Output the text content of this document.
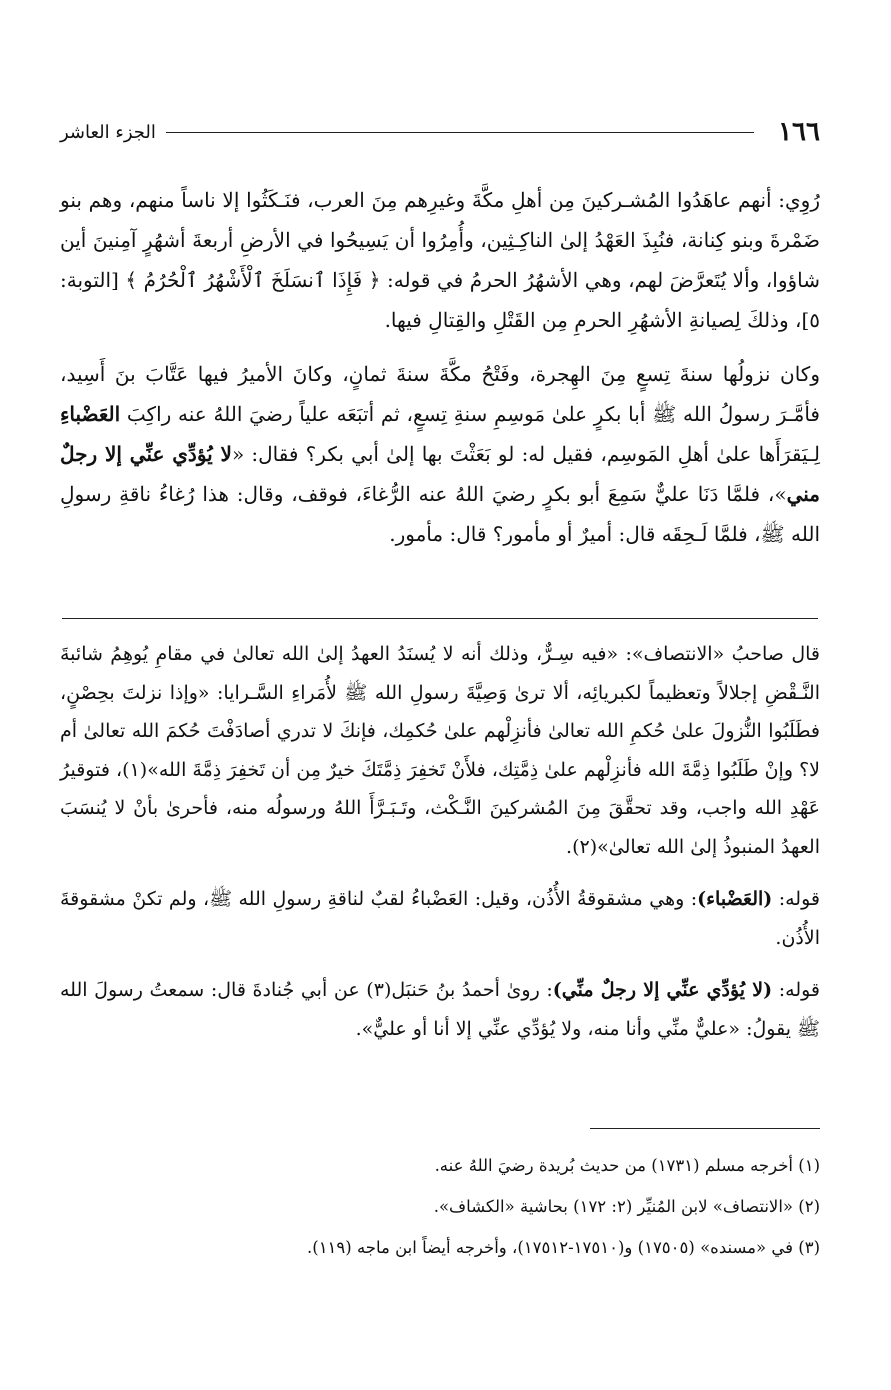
١٦٦
الجزء العاشر

رُوِي: أنهم عاهَدُوا المُشـركينَ مِن أهلِ مكَّةَ وغيرِهم مِنَ العرب، فنَـكَثُوا إلا ناساً منهم، وهم بنو ضَمْرةَ وبنو كِنانة، فنُبِذَ العَهْدُ إلىٰ الناكِـثِين، وأُمِرُوا أن يَسِيحُوا في الأرضِ أربعةَ أشهُرٍ آمِنينَ أين شاؤوا، وألا يُتَعرَّضَ لهم، وهي الأشهُرُ الحرمُ في قوله: ﴿ فَإِذَا ٱنسَلَخَ ٱلْأَشْهُرُ ٱلْحُرُمُ ﴾ [التوبة: ٥]، وذلكَ لِصيانةِ الأشهُرِ الحرمِ مِن القَتْلِ والقِتالِ فيها.

وكان نزولُها سنةَ تِسعٍ مِنَ الهِجرة، وفَتْحُ مكَّةَ سنةَ ثمانٍ، وكانَ الأميرُ فيها عَتَّابَ بنَ أَسِيد، فأمَّـرَ رسولُ الله ﷺ أبا بكرٍ علىٰ مَوسِمِ سنةِ تِسعٍ، ثم أتبَعَه علياً رضيَ اللهُ عنه راكِبَ العَضْباءِ لِـيَقرَأَها علىٰ أهلِ المَوسِم، فقيل له: لو بَعَثْتَ بها إلىٰ أبي بكر؟ فقال: «لا يُؤدِّي عنِّي إلا رجلٌ مني»، فلمَّا دَنَا عليٌّ سَمِعَ أبو بكرٍ رضيَ اللهُ عنه الرُّغاءَ، فوقف، وقال: هذا رُغاءُ ناقةِ رسولِ الله ﷺ، فلمَّا لَـحِقَه قال: أميرٌ أو مأمور؟ قال: مأمور.

قال صاحبُ «الانتصاف»: «فيه سِـرٌّ، وذلك أنه لا يُسنَدُ العهدُ إلىٰ الله تعالىٰ في مقامِ يُوهِمُ شائبةَ النَّـقْضِ إجلالاً وتعظيماً لكبريائِه، ألا ترىٰ وَصِيَّةَ رسولِ الله ﷺ لأُمَراءِ السَّـرايا: «وإذا نزلتَ بحِصْنٍ، فطَلَبُوا النُّزولَ علىٰ حُكمِ الله تعالىٰ فأنزِلْهم علىٰ حُكمِك، فإنكَ لا تدري أصادَفْتَ حُكمَ الله تعالىٰ أم لا؟ وإنْ طَلَبُوا ذِمَّةَ الله فأنزِلْهم علىٰ ذِمَّتِك، فلأَنْ تَخفِرَ ذِمَّتَكَ خيرٌ مِن أن تَخفِرَ ذِمَّةَ الله»(١)، فتوقيرُ عَهْدِ الله واجب، وقد تحقَّقَ مِنَ المُشركينَ النَّـكْث، وتَـبَـرَّأَ اللهُ ورسولُه منه، فأحرىٰ بأنْ لا يُنسَبَ العهدُ المنبوذُ إلىٰ الله تعالىٰ»(٢).

قوله: (العَضْباء): وهي مشقوقةُ الأُذُن، وقيل: العَضْباءُ لقبٌ لناقةِ رسولِ الله ﷺ، ولم تكنْ مشقوقةَ الأُذُن.

قوله: (لا يُؤدِّي عنِّي إلا رجلٌ منِّي): روىٰ أحمدُ بنُ حَنبَل(٣) عن أبي جُنادةَ قال: سمعتُ رسولَ الله ﷺ يقولُ: «عليٌّ منِّي وأنا منه، ولا يُؤدِّي عنِّي إلا أنا أو عليٌّ».

(١) أخرجه مسلم (١٧٣١) من حديث بُريدة رضيَ اللهُ عنه.
(٢) «الانتصاف» لابن المُنيِّر (٢: ١٧٢) بحاشية «الكشاف».
(٣) في «مسنده» (١٧٥٠٥) و(١٧٥١٠-١٧٥١٢)، وأخرجه أيضاً ابن ماجه (١١٩).
